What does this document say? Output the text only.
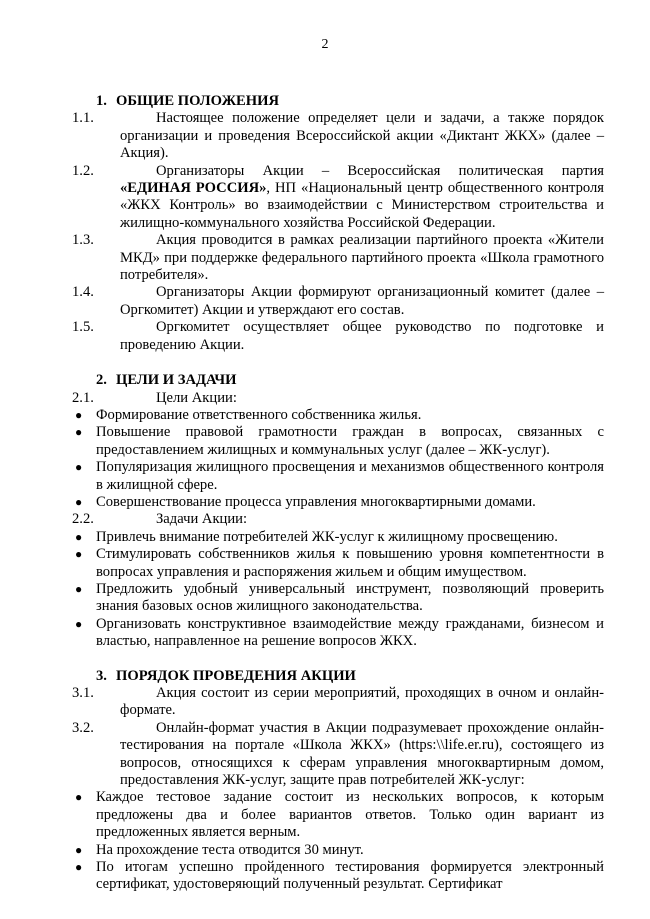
2
1. ОБЩИЕ ПОЛОЖЕНИЯ
1.1.	Настоящее положение определяет цели и задачи, а также порядок организации и проведения Всероссийской акции «Диктант ЖКХ» (далее – Акция).
1.2.	Организаторы Акции – Всероссийская политическая партия «ЕДИНАЯ РОССИЯ», НП «Национальный центр общественного контроля «ЖКХ Контроль» во взаимодействии с Министерством строительства и жилищно-коммунального хозяйства Российской Федерации.
1.3.	Акция проводится в рамках реализации партийного проекта «Жители МКД» при поддержке федерального партийного проекта «Школа грамотного потребителя».
1.4.	Организаторы Акции формируют организационный комитет (далее – Оргкомитет) Акции и утверждают его состав.
1.5.	Оргкомитет осуществляет общее руководство по подготовке и проведению Акции.
2. ЦЕЛИ И ЗАДАЧИ
2.1.	Цели Акции:
● Формирование ответственного собственника жилья.
● Повышение правовой грамотности граждан в вопросах, связанных с предоставлением жилищных и коммунальных услуг (далее – ЖК-услуг).
● Популяризация жилищного просвещения и механизмов общественного контроля в жилищной сфере.
● Совершенствование процесса управления многоквартирными домами.
2.2.	Задачи Акции:
● Привлечь внимание потребителей ЖК-услуг к жилищному просвещению.
● Стимулировать собственников жилья к повышению уровня компетентности в вопросах управления и распоряжения жильем и общим имуществом.
● Предложить удобный универсальный инструмент, позволяющий проверить знания базовых основ жилищного законодательства.
● Организовать конструктивное взаимодействие между гражданами, бизнесом и властью, направленное на решение вопросов ЖКХ.
3. ПОРЯДОК ПРОВЕДЕНИЯ АКЦИИ
3.1.	Акция состоит из серии мероприятий, проходящих в очном и онлайн-формате.
3.2.	Онлайн-формат участия в Акции подразумевает прохождение онлайн-тестирования на портале «Школа ЖКХ» (https:\\life.er.ru), состоящего из вопросов, относящихся к сферам управления многоквартирным домом, предоставления ЖК-услуг, защите прав потребителей ЖК-услуг:
● Каждое тестовое задание состоит из нескольких вопросов, к которым предложены два и более вариантов ответов. Только один вариант из предложенных является верным.
● На прохождение теста отводится 30 минут.
● По итогам успешно пройденного тестирования формируется электронный сертификат, удостоверяющий полученный результат. Сертификат
